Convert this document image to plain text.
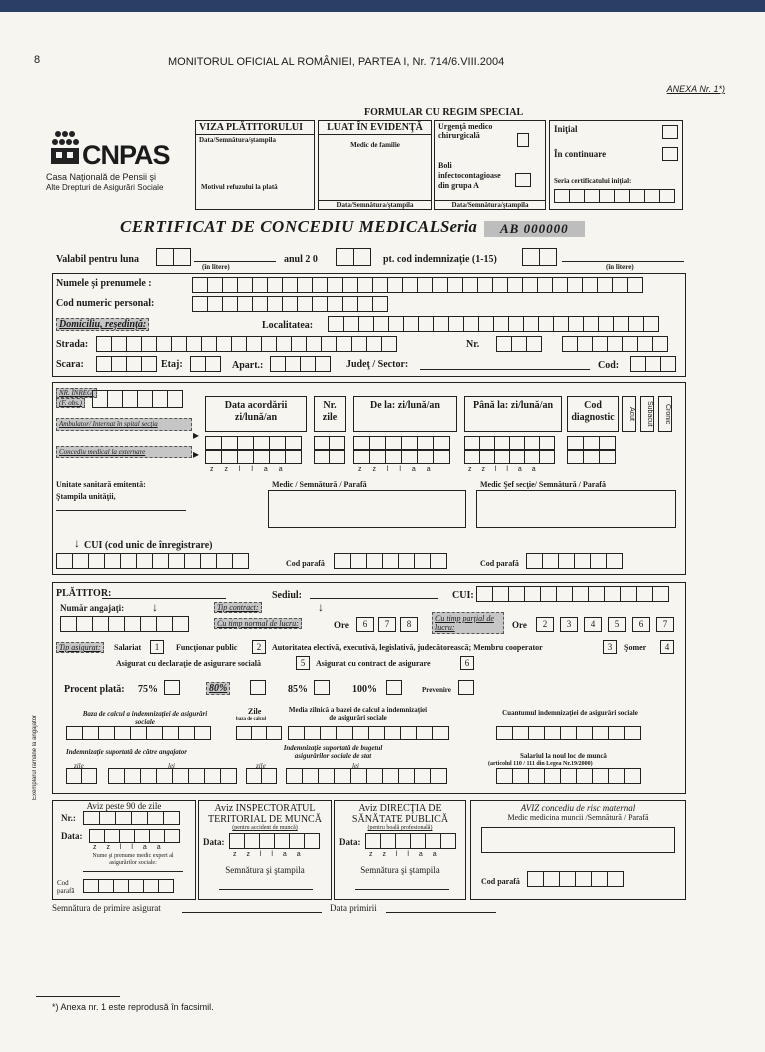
8	MONITORUL OFICIAL AL ROMÂNIEI, PARTEA I, Nr. 714/6.VIII.2004
ANEXA Nr. 1*)
CNPAS
Casa Naţională de Pensii şi
Alte Drepturi de Asigurări Sociale
FORMULAR CU REGIM SPECIAL
VIZA PLĂTITORULUI
Data/Semnătura/ştampila
Motivul refuzului la plată
LUAT ÎN EVIDENŢĂ
Medic de familie
Data/Semnătura/ştampila
Urgenţă medico chirurgicală
Boli infectocontagioase din grupa A
Data/Semnătura/ştampila
Iniţial
În continuare
Seria certificatului iniţial:
CERTIFICAT DE CONCEDIU MEDICAL Seria	AB 000000
Valabil pentru luna
(în litere)
anul 2 0	pt. cod indemnizaţie (1-15)
(în litere)
Numele şi prenumele :
Cod numeric personal:
Domiciliu, reşedinţă:	Localitatea:
Strada:	Nr.
Scara:	Etaj:	Apart.:	Judeţ / Sector:	Cod:
NR. ÎNREG.
(F. obs.)
Ambulator/ Internat în spital secţia
Concediu medical la externare
▸
▸
Data acordării zi/lună/an
Nr. zile
De la: zi/lună/an	Până la: zi/lună/an	Cod diagnostic	Acut	Subacut	Cronic
z z l l a a	z z l l a a	z z l l a a
Unitate sanitară emitentă:
Ştampila unităţii,
Medic / Semnătură / Parafă	Medic Şef secţie/ Semnătură / Parafă
↓ CUI (cod unic de înregistrare)
Cod parafă	Cod parafă
Exemplarul rămâne la angajator
PLĂTITOR:	Sediul:	CUI:
Număr angajaţi: ↓	Tip contract:	↓
Cu timp normal de lucru:	Ore	6	7	8
Cu timp parţial de lucru:	Ore	2	3	4	5	6	7
Tip asigurat:	Salariat	1	Funcţionar public	2	Autoritatea electivă, executivă, legislativă, judecătorească; Membru cooperator	3	Şomer	4
Asigurat cu declaraţie de asigurare socială	5	Asigurat cu contract de asigurare	6
Procent plată: 75%	80%	85%	100%	Prevenire
Baza de calcul a indemnizaţiei de asigurări sociale
Zile
baza de calcul
Media zilnică a bazei de calcul a indemnizaţiei de asigurări sociale
Cuantumul indemnizaţiei de asigurări sociale
Indemnizaţie suportată de către angajator	Indemnizaţie suportată de bugetul asigurărilor sociale de stat	Salariul la noul loc de muncă
(articolul 110 / 111 din Legea Nr.19/2000)
zile	lei	zile	lei
Aviz peste 90 de zile
Nr.:
Data:
z z l l a a
Nume şi prenume medic expert al asigurărilor sociale:
Cod parafă
Aviz INSPECTORATUL TERITORIAL DE MUNCĂ
(pentru accident de muncă)
Data:
z z l l a a
Semnătura şi ştampila
Aviz DIRECŢIA DE SĂNĂTATE PUBLICĂ
(pentru boală profesională)
Data:
z z l l a a
Semnătura şi ştampila
AVIZ concediu de risc maternal
Medic medicina muncii /Semnătură / Parafă
Cod parafă
Semnătura de primire asigurat	Data primirii
*) Anexa nr. 1 este reprodusă în facsimil.
